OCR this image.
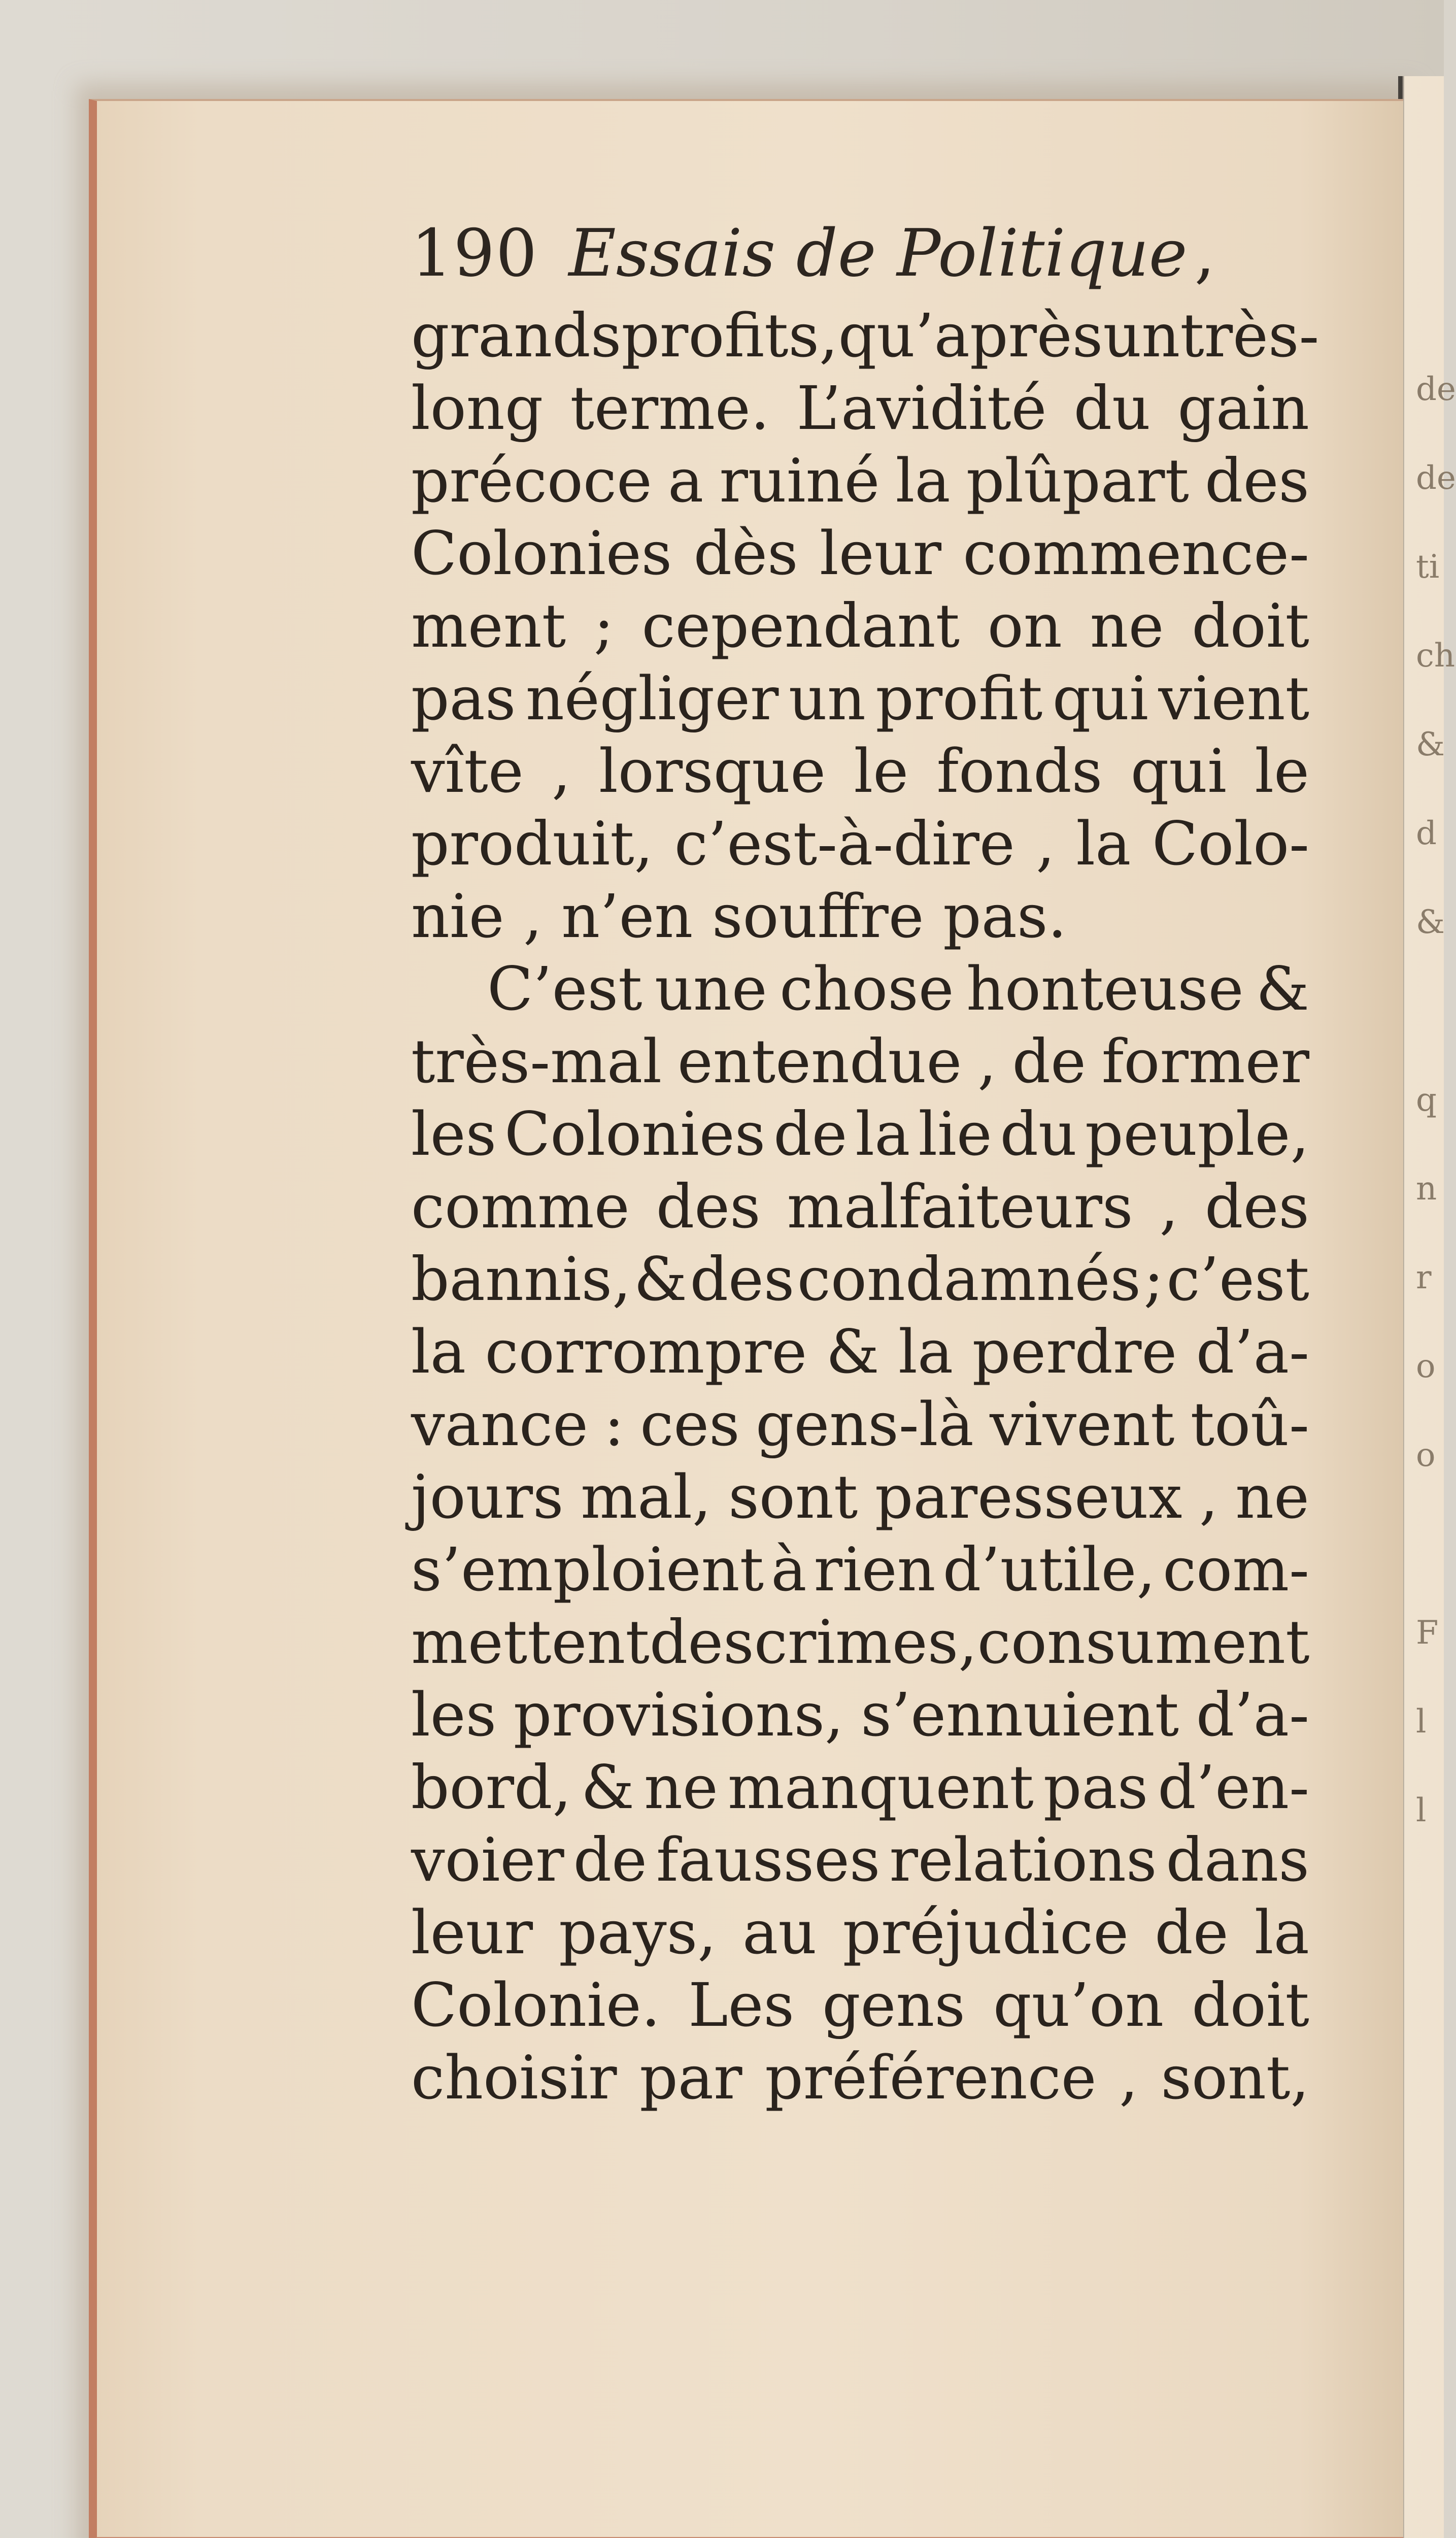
de
de
ti
ch
&
d
&
q
n
r
o
o
F
l
l
190 Essais de Politique ,
grands profits, qu’après un très-
long terme. L’avidité du gain
précoce a ruiné la plûpart des
Colonies dès leur commence-
ment ; cependant on ne doit
pas négliger un profit qui vient
vîte , lorsque le fonds qui le
produit, c’est-à-dire , la Colo-
nie , n’en souffre pas.
C’est une chose honteuse &
très-mal entendue , de former
les Colonies de la lie du peuple,
comme des malfaiteurs , des
bannis, & des condamnés ; c’est
la corrompre & la perdre d’a-
vance : ces gens-là vivent toû-
jours mal, sont paresseux , ne
s’emploient à rien d’utile, com-
mettent des crimes, consument
les provisions, s’ennuient d’a-
bord, & ne manquent pas d’en-
voier de fausses relations dans
leur pays, au préjudice de la
Colonie. Les gens qu’on doit
choisir par préférence , sont,
